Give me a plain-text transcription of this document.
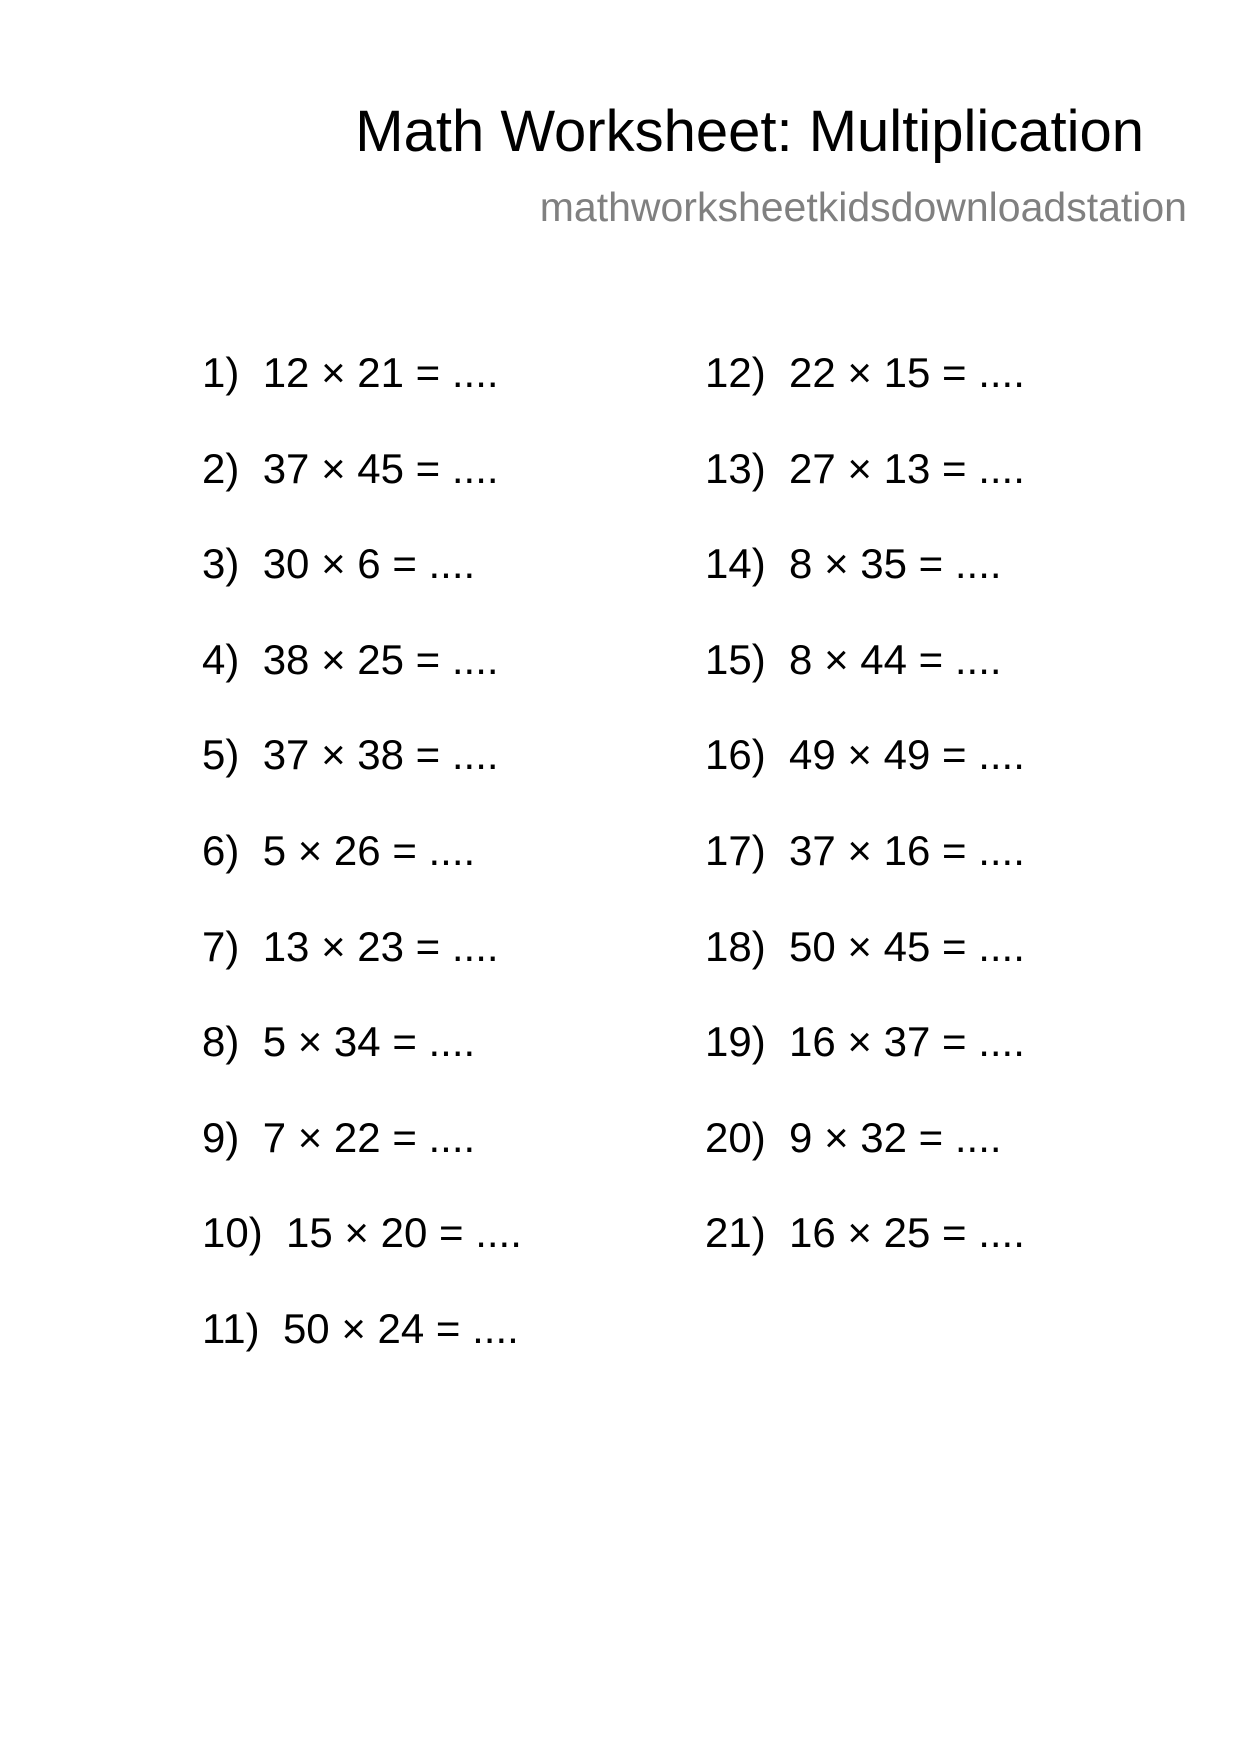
Math Worksheet: Multiplication
mathworksheetkidsdownloadstation
1) 12 × 21 = ....
2) 37 × 45 = ....
3) 30 × 6 = ....
4) 38 × 25 = ....
5) 37 × 38 = ....
6) 5 × 26 = ....
7) 13 × 23 = ....
8) 5 × 34 = ....
9) 7 × 22 = ....
10) 15 × 20 = ....
11) 50 × 24 = ....
12) 22 × 15 = ....
13) 27 × 13 = ....
14) 8 × 35 = ....
15) 8 × 44 = ....
16) 49 × 49 = ....
17) 37 × 16 = ....
18) 50 × 45 = ....
19) 16 × 37 = ....
20) 9 × 32 = ....
21) 16 × 25 = ....
